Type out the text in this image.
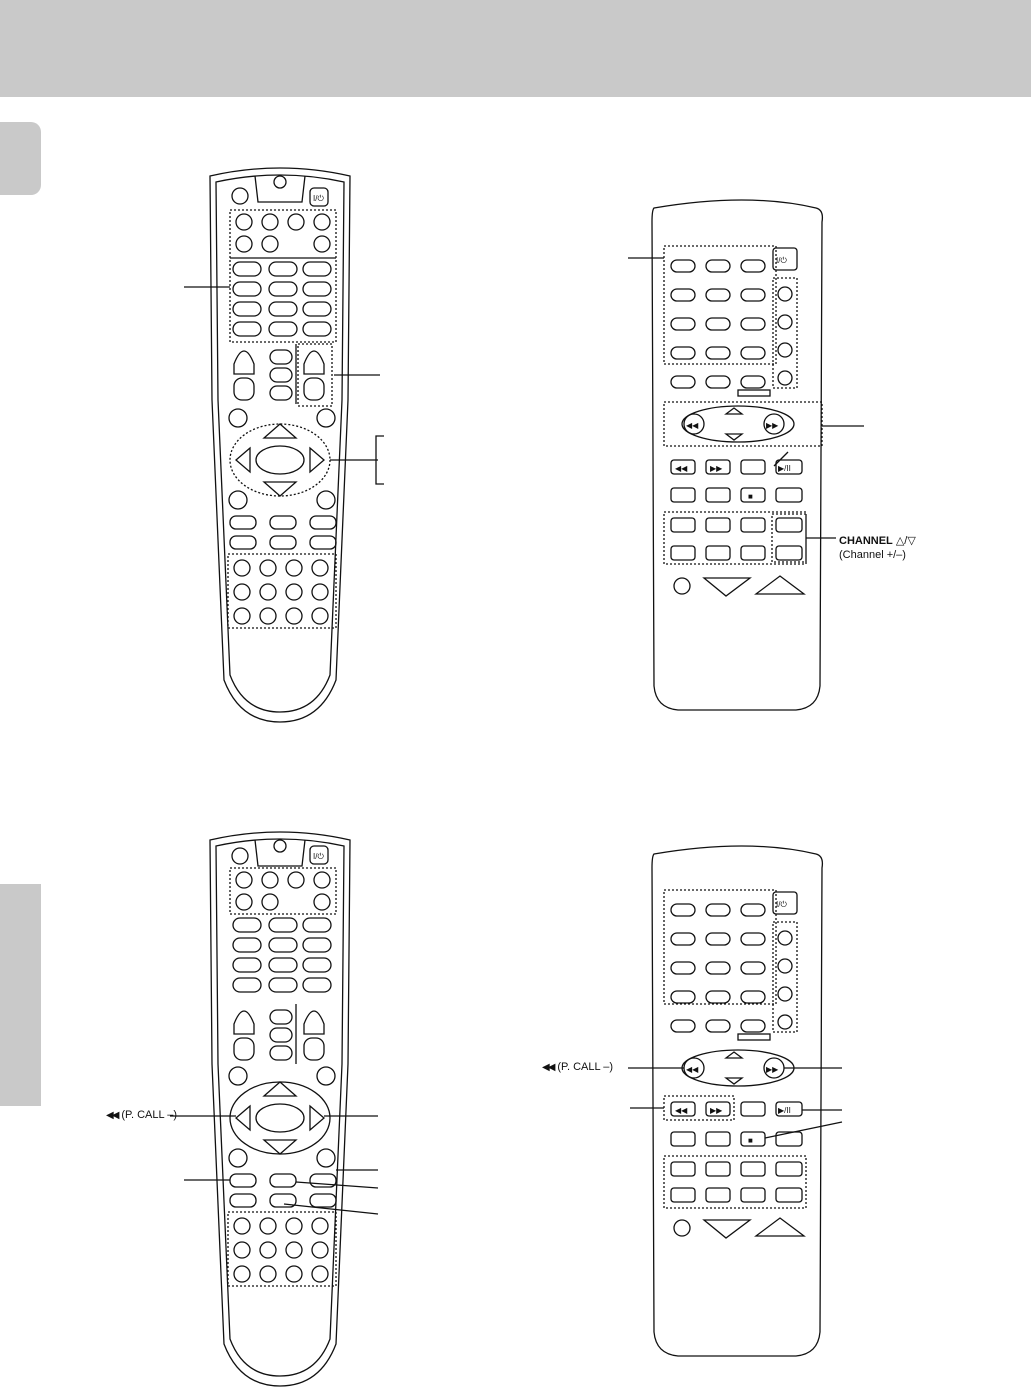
I/⏻
I/⏻
◀◀	▶▶
◀◀	▶▶	▶/II
■
I/⏻
I/⏻
◀◀	▶▶
◀◀	▶▶	▶/II
■
CHANNEL △/▽
(Channel +/–)
◀◀ (P. CALL –)
◀◀ (P. CALL –)
